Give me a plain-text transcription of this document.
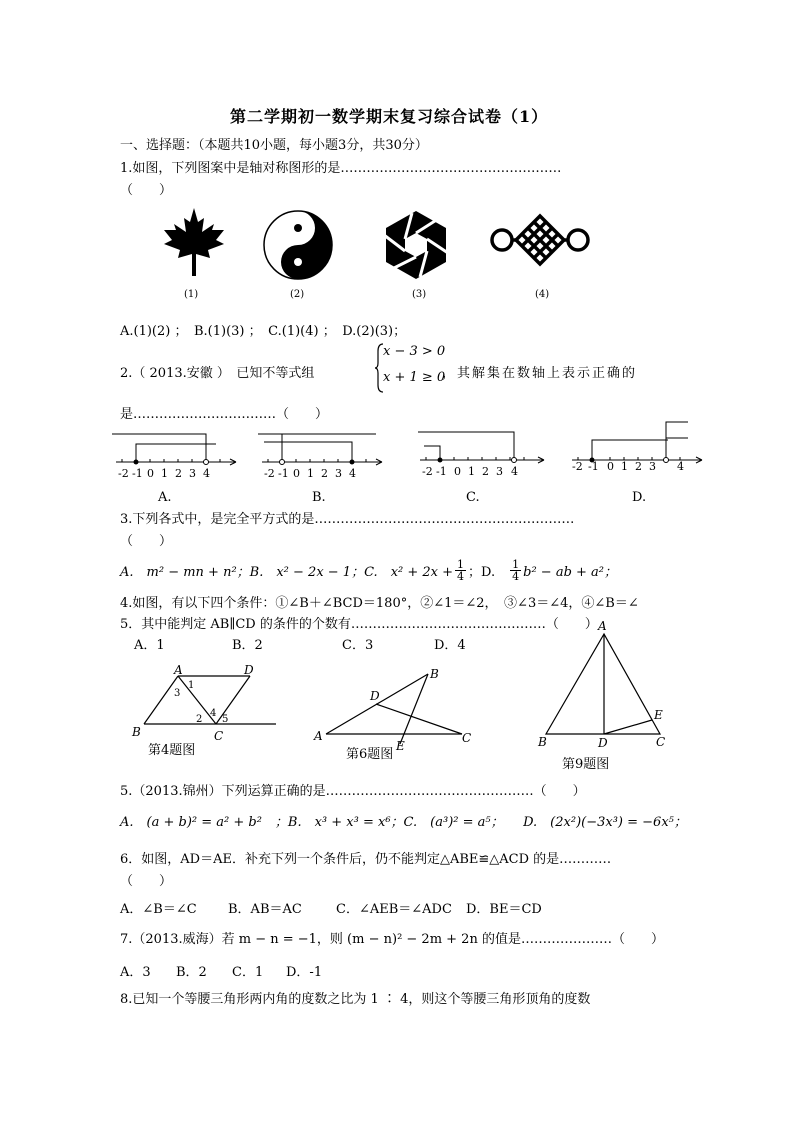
第二学期初一数学期末复习综合试卷（1）
一、选择题：（本题共10小题，每小题3分，共30分）
1.如图，下列图案中是轴对称图形的是……………………………………………
（　　）
(1)	(2)	(3)	(4)
A.(1)(2) ；　B.(1)(3) ；　C.(1)(4) ；　D.(2)(3)；
2.（ 2013.安徽 ）　已知不等式组
x − 3 > 0
x + 1 ≥ 0
，其解集在数轴上表示正确的
是……………………………（　　）
-2 -1 0 1 2 3 4
A.
-2 -1 0 1 2 3 4
B.
-2 -1 0 1 2 3 4
C.
-2 -1 0 1 2 3 4
D.
3.下列各式中，是完全平方式的是……………………………………………………
（　　）
A.　m² − mn + n²；B.　x² − 2x − 1；C.　$x^2 + 2x + \frac{1}{4}$ ；D.　 $\frac{1}{4} b^2$ − ab + a²；
4.如图，有以下四个条件：①∠B＋∠BCD＝180°，②∠1＝∠2，　③∠3＝∠4，④∠B＝∠
5．其中能判定 AB∥CD 的条件的个数有………………………………………（　　）
A．1	B．2	C．3	D．4
A	D
B	C
1
3
2
4
5
第4题图
A
B
C
D
E
第6题图
A
B	C
D
E
第9题图
5.（2013.锦州）下列运算正确的是…………………………………………（　　）
A.　(a + b)² = a² + b²　；B.　x³ + x³ = x⁶；C.　(a³)² = a⁵；　　D.　(2x²)(−3x³) = −6x⁵；
6．如图，AD＝AE．补充下列一个条件后，仍不能判定△ABE≌△ACD 的是…………
（　　）
A．∠B＝∠C B．AB＝AC	C．∠AEB＝∠ADC D．BE＝CD
7.（2013.威海）若 m − n = −1，则 (m − n)² − 2m + 2n 的值是…………………（　　）
A．3 B．2 C．1 D．-1
8.已知一个等腰三角形两内角的度数之比为 1 ∶ 4，则这个等腰三角形顶角的度数
